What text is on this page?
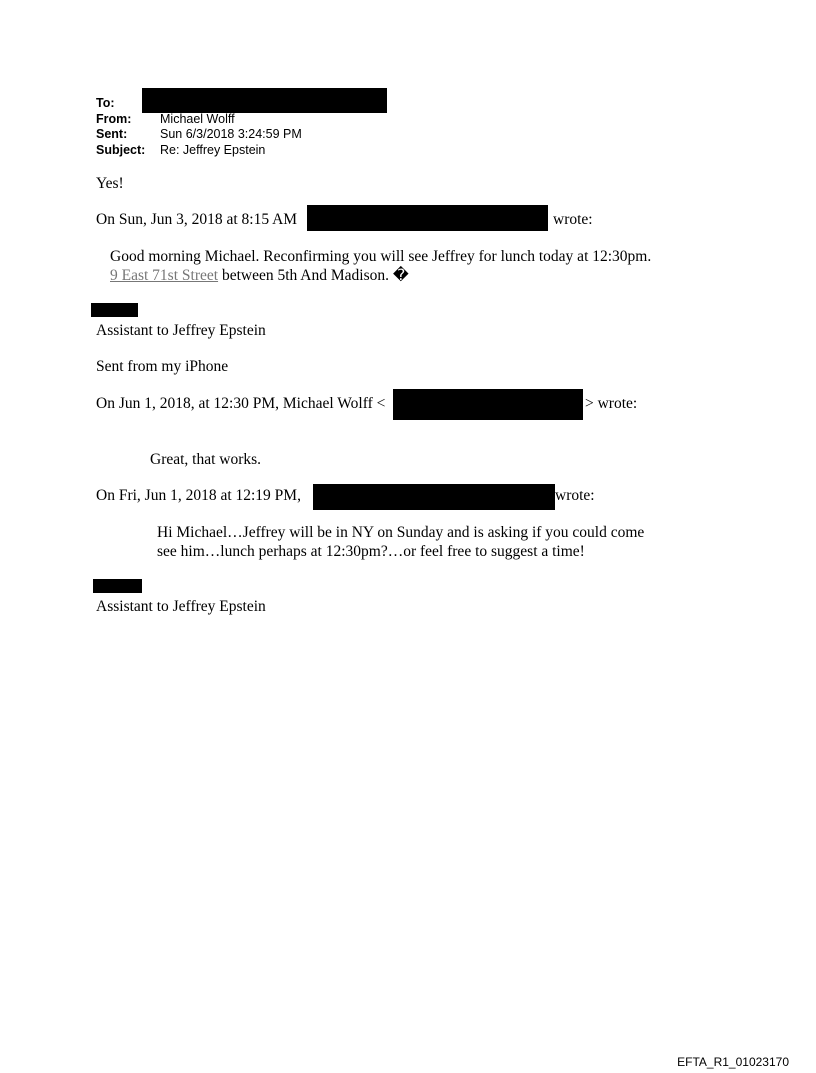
To:
From: Michael Wolff
Sent:	Sun 6/3/2018 3:24:59 PM
Subject: Re: Jeffrey Epstein
Yes!
On Sun, Jun 3, 2018 at 8:15 AM	wrote:
Good morning Michael. Reconfirming you will see Jeffrey for lunch today at 12:30pm.
9 East 71st Street between 5th And Madison. �
Assistant to Jeffrey Epstein
Sent from my iPhone
On Jun 1, 2018, at 12:30 PM, Michael Wolff <	> wrote:
Great, that works.
On Fri, Jun 1, 2018 at 12:19 PM,	wrote:
Hi Michael…Jeffrey will be in NY on Sunday and is asking if you could come
see him…lunch perhaps at 12:30pm?…or feel free to suggest a time!
Assistant to Jeffrey Epstein
EFTA_R1_01023170
